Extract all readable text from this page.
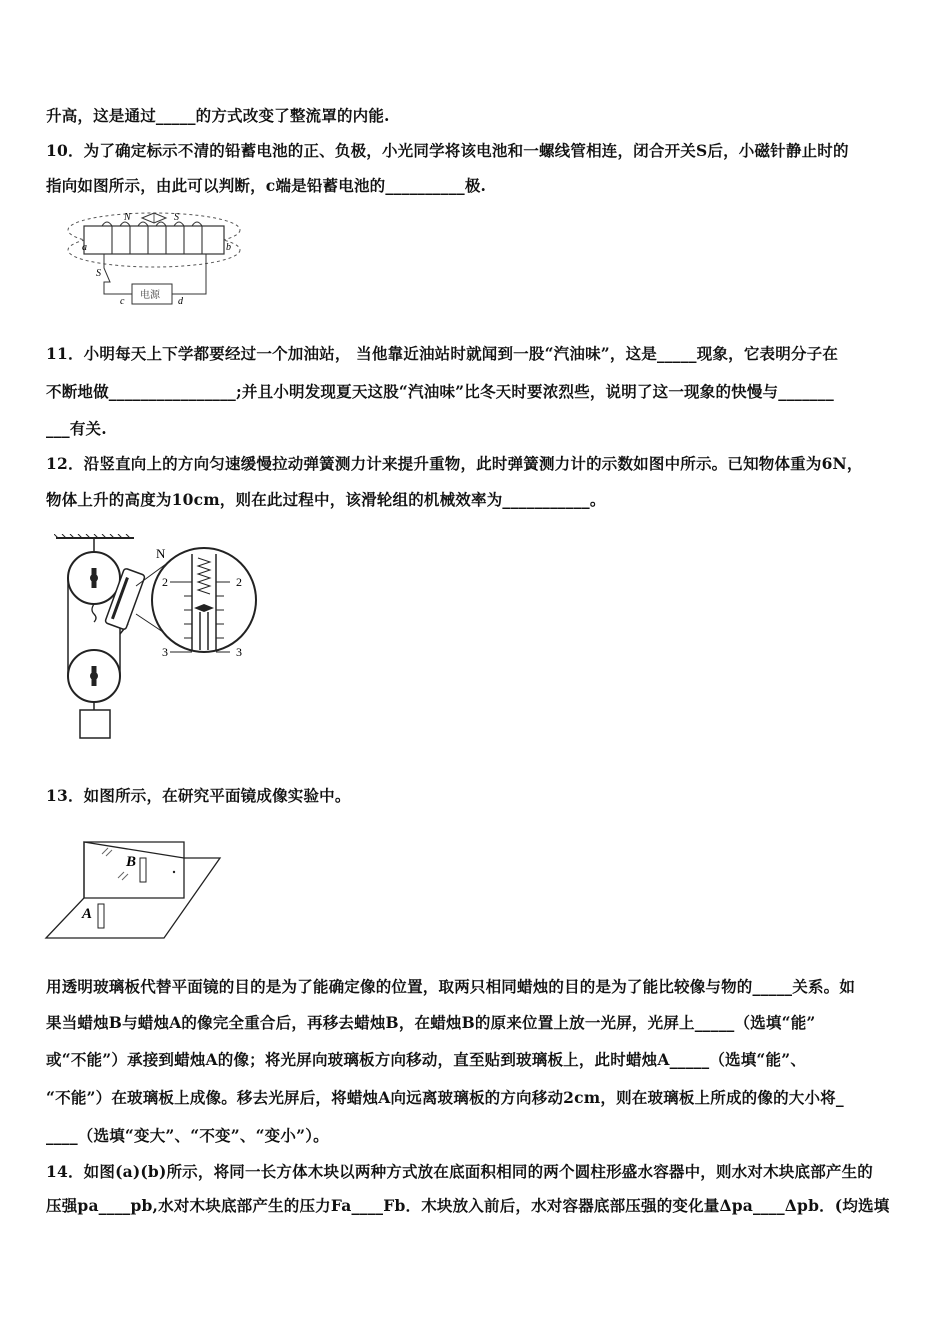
升高，这是通过_____的方式改变了整流罩的内能.
10．为了确定标示不清的铅蓄电池的正、负极，小光同学将该电池和一螺线管相连，闭合开关S后，小磁针静止时的
指向如图所示，由此可以判断，c端是铅蓄电池的__________极.
N	S
a	b
S
电源
c	d
11．小明每天上下学都要经过一个加油站， 当他靠近油站时就闻到一股“汽油味”，这是_____现象，它表明分子在
不断地做________________;并且小明发现夏天这股“汽油味”比冬天时要浓烈些，说明了这一现象的快慢与_______
___有关.
12．沿竖直向上的方向匀速缓慢拉动弹簧测力计来提升重物，此时弹簧测力计的示数如图中所示。已知物体重为6N，
物体上升的高度为10cm，则在此过程中，该滑轮组的机械效率为___________。
N
2	2
3	3
13．如图所示，在研究平面镜成像实验中。
B
A
用透明玻璃板代替平面镜的目的是为了能确定像的位置，取两只相同蜡烛的目的是为了能比较像与物的_____关系。如
果当蜡烛B与蜡烛A的像完全重合后，再移去蜡烛B，在蜡烛B的原来位置上放一光屏，光屏上_____（选填“能”
或“不能”）承接到蜡烛A的像；将光屏向玻璃板方向移动，直至贴到玻璃板上，此时蜡烛A_____（选填“能”、
“不能”）在玻璃板上成像。移去光屏后，将蜡烛A向远离玻璃板的方向移动2cm，则在玻璃板上所成的像的大小将_
____（选填“变大”、“不变”、“变小”）。
14．如图(a)(b)所示，将同一长方体木块以两种方式放在底面积相同的两个圆柱形盛水容器中，则水对木块底部产生的
压强pa____pb,水对木块底部产生的压力Fa____Fb．木块放入前后，水对容器底部压强的变化量Δpa____Δpb．(均选填
